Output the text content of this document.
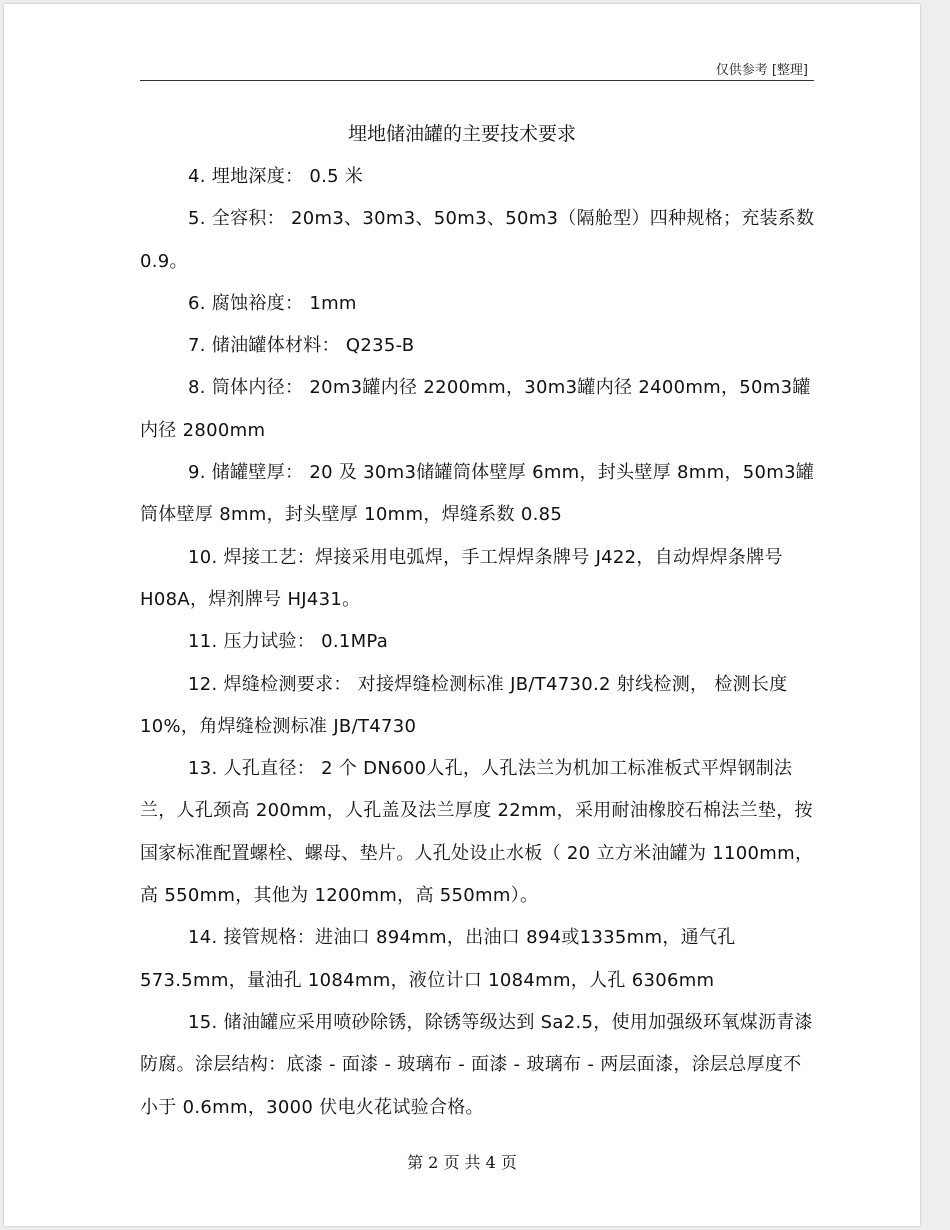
仅供参考 [整理]
埋地储油罐的主要技术要求

4. 埋地深度： 0.5 米

5. 全容积： 20m3、30m3、50m3、50m3（隔舱型）四种规格；充装系数 0.9。

6. 腐蚀裕度： 1mm

7. 储油罐体材料： Q235-B

8. 筒体内径： 20m3罐内径 2200mm，30m3罐内径 2400mm，50m3罐内径 2800mm

9. 储罐壁厚： 20 及 30m3储罐筒体壁厚 6mm，封头壁厚 8mm，50m3罐筒体壁厚 8mm，封头壁厚 10mm，焊缝系数 0.85

10. 焊接工艺：焊接采用电弧焊，手工焊焊条牌号 J422，自动焊焊条牌号 H08A，焊剂牌号 HJ431。

11. 压力试验： 0.1MPa

12. 焊缝检测要求： 对接焊缝检测标准 JB/T4730.2 射线检测， 检测长度 10%，角焊缝检测标准 JB/T4730

13. 人孔直径： 2 个 DN600人孔，人孔法兰为机加工标准板式平焊钢制法兰，人孔颈高 200mm，人孔盖及法兰厚度 22mm，采用耐油橡胶石棉法兰垫，按国家标准配置螺栓、螺母、垫片。人孔处设止水板（ 20 立方米油罐为 1100mm，高 550mm，其他为 1200mm，高 550mm）。

14. 接管规格：进油口 894mm，出油口 894或1335mm，通气孔 573.5mm，量油孔 1084mm，液位计口 1084mm，人孔 6306mm

15. 储油罐应采用喷砂除锈，除锈等级达到 Sa2.5，使用加强级环氧煤沥青漆防腐。涂层结构：底漆 - 面漆 - 玻璃布 - 面漆 - 玻璃布 - 两层面漆，涂层总厚度不小于 0.6mm，3000 伏电火花试验合格。

第 2 页 共 4 页
